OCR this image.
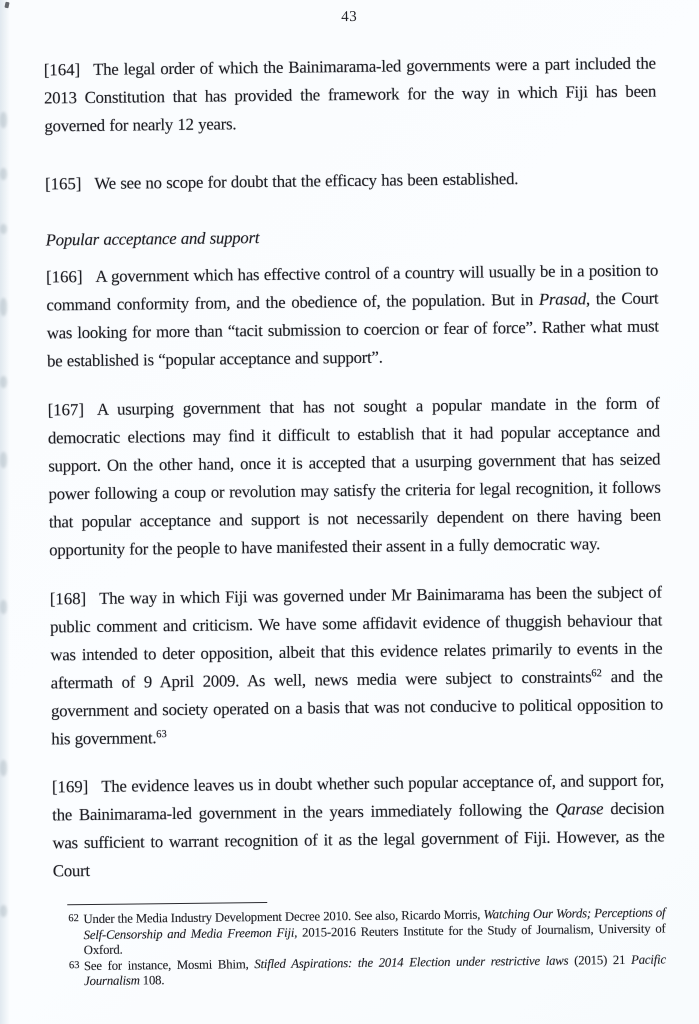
43
[164] The legal order of which the Bainimarama-led governments were a part included the 2013 Constitution that has provided the framework for the way in which Fiji has been governed for nearly 12 years.
[165] We see no scope for doubt that the efficacy has been established.
Popular acceptance and support
[166] A government which has effective control of a country will usually be in a position to command conformity from, and the obedience of, the population. But in Prasad, the Court was looking for more than “tacit submission to coercion or fear of force”. Rather what must be established is “popular acceptance and support”.
[167] A usurping government that has not sought a popular mandate in the form of democratic elections may find it difficult to establish that it had popular acceptance and support. On the other hand, once it is accepted that a usurping government that has seized power following a coup or revolution may satisfy the criteria for legal recognition, it follows that popular acceptance and support is not necessarily dependent on there having been opportunity for the people to have manifested their assent in a fully democratic way.
[168] The way in which Fiji was governed under Mr Bainimarama has been the subject of public comment and criticism. We have some affidavit evidence of thuggish behaviour that was intended to deter opposition, albeit that this evidence relates primarily to events in the aftermath of 9 April 2009. As well, news media were subject to constraints$^{62}$ and the government and society operated on a basis that was not conducive to political opposition to his government.$^{63}$
[169] The evidence leaves us in doubt whether such popular acceptance of, and support for, the Bainimarama-led government in the years immediately following the Qarase decision was sufficient to warrant recognition of it as the legal government of Fiji. However, as the Court
62 Under the Media Industry Development Decree 2010. See also, Ricardo Morris, Watching Our Words; Perceptions of Self-Censorship and Media Freemon Fiji, 2015-2016 Reuters Institute for the Study of Journalism, University of Oxford.
63 See for instance, Mosmi Bhim, Stifled Aspirations: the 2014 Election under restrictive laws (2015) 21 Pacific Journalism 108.
